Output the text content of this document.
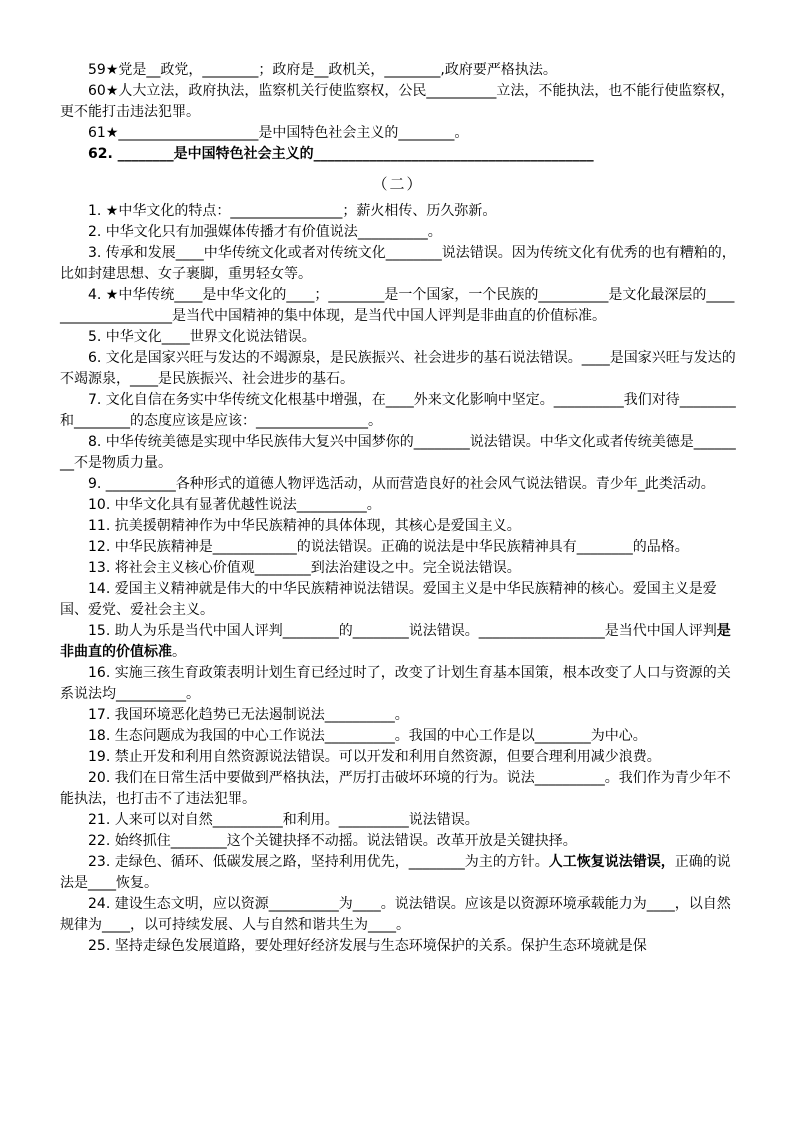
59★党是__政党，________；政府是__政机关，________,政府要严格执法。

60★人大立法，政府执法，监察机关行使监察权，公民__________立法，不能执法，也不能行使监察权，更不能打击违法犯罪。

61★____________________是中国特色社会主义的________。

62. ________是中国特色社会主义的________________________________________

（二）

1. ★中华文化的特点：________________；薪火相传、历久弥新。

2. 中华文化只有加强媒体传播才有价值说法__________。

3. 传承和发展____中华传统文化或者对传统文化________说法错误。因为传统文化有优秀的也有糟粕的，比如封建思想、女子裹脚，重男轻女等。

4. ★中华传统____是中华文化的____；________是一个国家，一个民族的__________是文化最深层的____________________是当代中国精神的集中体现，是当代中国人评判是非曲直的价值标准。

5. 中华文化____世界文化说法错误。

6. 文化是国家兴旺与发达的不竭源泉，是民族振兴、社会进步的基石说法错误。____是国家兴旺与发达的不竭源泉，____是民族振兴、社会进步的基石。

7. 文化自信在务实中华传统文化根基中增强，在____外来文化影响中坚定。__________我们对待________和________的态度应该是应该：________________。

8. 中华传统美德是实现中华民族伟大复兴中国梦你的________说法错误。中华文化或者传统美德是________不是物质力量。

9. __________各种形式的道德人物评选活动，从而营造良好的社会风气说法错误。青少年_此类活动。

10. 中华文化具有显著优越性说法__________。

11. 抗美援朝精神作为中华民族精神的具体体现，其核心是爱国主义。

12. 中华民族精神是____________的说法错误。正确的说法是中华民族精神具有________的品格。

13. 将社会主义核心价值观________到法治建设之中。完全说法错误。

14. 爱国主义精神就是伟大的中华民族精神说法错误。爱国主义是中华民族精神的核心。爱国主义是爱国、爱党、爱社会主义。

15. 助人为乐是当代中国人评判________的________说法错误。__________________是当代中国人评判是非曲直的价值标准。

16. 实施三孩生育政策表明计划生育已经过时了，改变了计划生育基本国策，根本改变了人口与资源的关系说法均__________。

17. 我国环境恶化趋势已无法遏制说法__________。

18. 生态问题成为我国的中心工作说法__________。我国的中心工作是以________为中心。

19. 禁止开发和利用自然资源说法错误。可以开发和利用自然资源，但要合理利用减少浪费。

20. 我们在日常生活中要做到严格执法，严厉打击破坏环境的行为。说法__________。我们作为青少年不能执法，也打击不了违法犯罪。

21. 人来可以对自然__________和利用。__________说法错误。

22. 始终抓住________这个关键抉择不动摇。说法错误。改革开放是关键抉择。

23. 走绿色、循环、低碳发展之路，坚持利用优先，________为主的方针。人工恢复说法错误，正确的说法是____恢复。

24. 建设生态文明，应以资源__________为____。说法错误。应该是以资源环境承载能力为____，以自然规律为____，以可持续发展、人与自然和谐共生为____。

25. 坚持走绿色发展道路，要处理好经济发展与生态环境保护的关系。保护生态环境就是保
